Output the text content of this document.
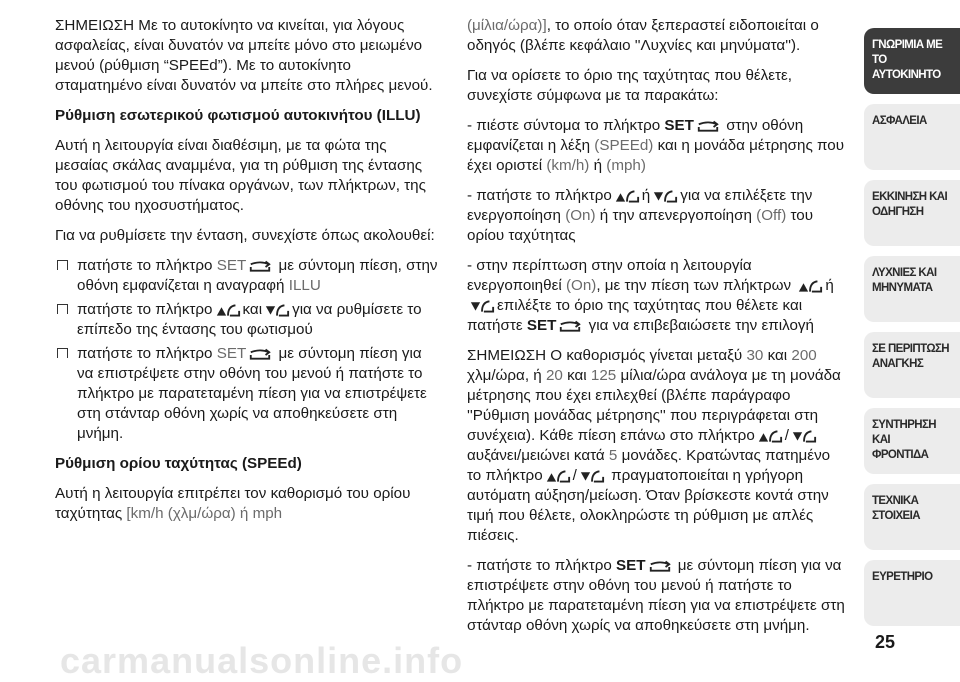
ΣΗΜΕΙΩΣΗ Με το αυτοκίνητο να κινείται, για λόγους ασφαλείας, είναι δυνατόν να μπείτε μόνο στο μειωμένο μενού (ρύθμιση “SPEEd”). Με το αυτοκίνητο σταματημένο είναι δυνατόν να μπείτε στο πλήρες μενού.

Ρύθμιση εσωτερικού φωτισμού αυτοκινήτου (ILLU)

Αυτή η λειτουργία είναι διαθέσιμη, με τα φώτα της μεσαίας σκάλας αναμμένα, για τη ρύθμιση της έντασης του φωτισμού του πίνακα οργάνων, των πλήκτρων, της οθόνης του ηχοσυστήματος.

Για να ρυθμίσετε την ένταση, συνεχίστε όπως ακολουθεί:

πατήστε το πλήκτρο SET με σύντομη πίεση, στην οθόνη εμφανίζεται η αναγραφή ILLU
πατήστε το πλήκτρο και για να ρυθμίσετε το επίπεδο της έντασης του φωτισμού
πατήστε το πλήκτρο SET με σύντομη πίεση για να επιστρέψετε στην οθόνη του μενού ή πατήστε το πλήκτρο με παρατεταμένη πίεση για να επιστρέψετε στη στάνταρ οθόνη χωρίς να αποθηκεύσετε στη μνήμη.
Ρύθμιση ορίου ταχύτητας (SPEEd)

Αυτή η λειτουργία επιτρέπει τον καθορισμό του ορίου ταχύτητας [km/h (χλμ/ώρα) ή mph

(μίλια/ώρα)], το οποίο όταν ξεπεραστεί ειδοποιείται ο οδηγός (βλέπε κεφάλαιο ''Λυχνίες και μηνύματα'').

Για να ορίσετε το όριο της ταχύτητας που θέλετε, συνεχίστε σύμφωνα με τα παρακάτω:

- πιέστε σύντομα το πλήκτρο SET στην οθόνη εμφανίζεται η λέξη (SPEEd) και η μονάδα μέτρησης που έχει οριστεί (km/h) ή (mph)

- πατήστε το πλήκτρο ή για να επιλέξετε την ενεργοποίηση (On) ή την απενεργοποίηση (Off) του ορίου ταχύτητας

- στην περίπτωση στην οποία η λειτουργία ενεργοποιηθεί (On), με την πίεση των πλήκτρων ήεπιλέξτε το όριο της ταχύτητας που θέλετε και πατήστε SET για να επιβεβαιώσετε την επιλογή

ΣΗΜΕΙΩΣΗ Ο καθορισμός γίνεται μεταξύ 30 και 200 χλμ/ώρα, ή 20 και 125 μίλια/ώρα ανάλογα με τη μονάδα μέτρησης που έχει επιλεχθεί (βλέπε παράγραφο ''Ρύθμιση μονάδας μέτρησης'' που περιγράφεται στη συνέχεια). Κάθε πίεση επάνω στο πλήκτρο /αυξάνει/μειώνει κατά 5 μονάδες. Κρατώντας πατημένο το πλήκτρο / πραγματοποιείται η γρήγορη αυτόματη αύξηση/μείωση. Όταν βρίσκεστε κοντά στην τιμή που θέλετε, ολοκληρώστε τη ρύθμιση με απλές πιέσεις.

- πατήστε το πλήκτρο SET με σύντομη πίεση για να επιστρέψετε στην οθόνη του μενού ή πατήστε το πλήκτρο με παρατεταμένη πίεση για να επιστρέψετε στη στάνταρ οθόνη χωρίς να αποθηκεύσετε στη μνήμη.

ΓΝΩΡΙΜΙΑ ΜΕ ΤΟ
ΑΥΤΟΚΙΝΗΤΟ
ΑΣΦΑΛΕΙΑ
ΕΚΚΙΝΗΣΗ ΚΑΙ
ΟΔΗΓΗΣΗ
ΛΥΧΝΙΕΣ ΚΑΙ
ΜΗΝΥΜΑΤΑ
ΣΕ ΠΕΡΙΠΤΩΣΗ
ΑΝΑΓΚΗΣ
ΣΥΝΤΗΡΗΣΗ ΚΑΙ
ΦΡΟΝΤΙΔΑ
ΤΕΧΝΙΚΑ ΣΤΟΙΧΕΙΑ
ΕΥΡΕΤΗΡΙΟ
25
carmanualsonline.info
